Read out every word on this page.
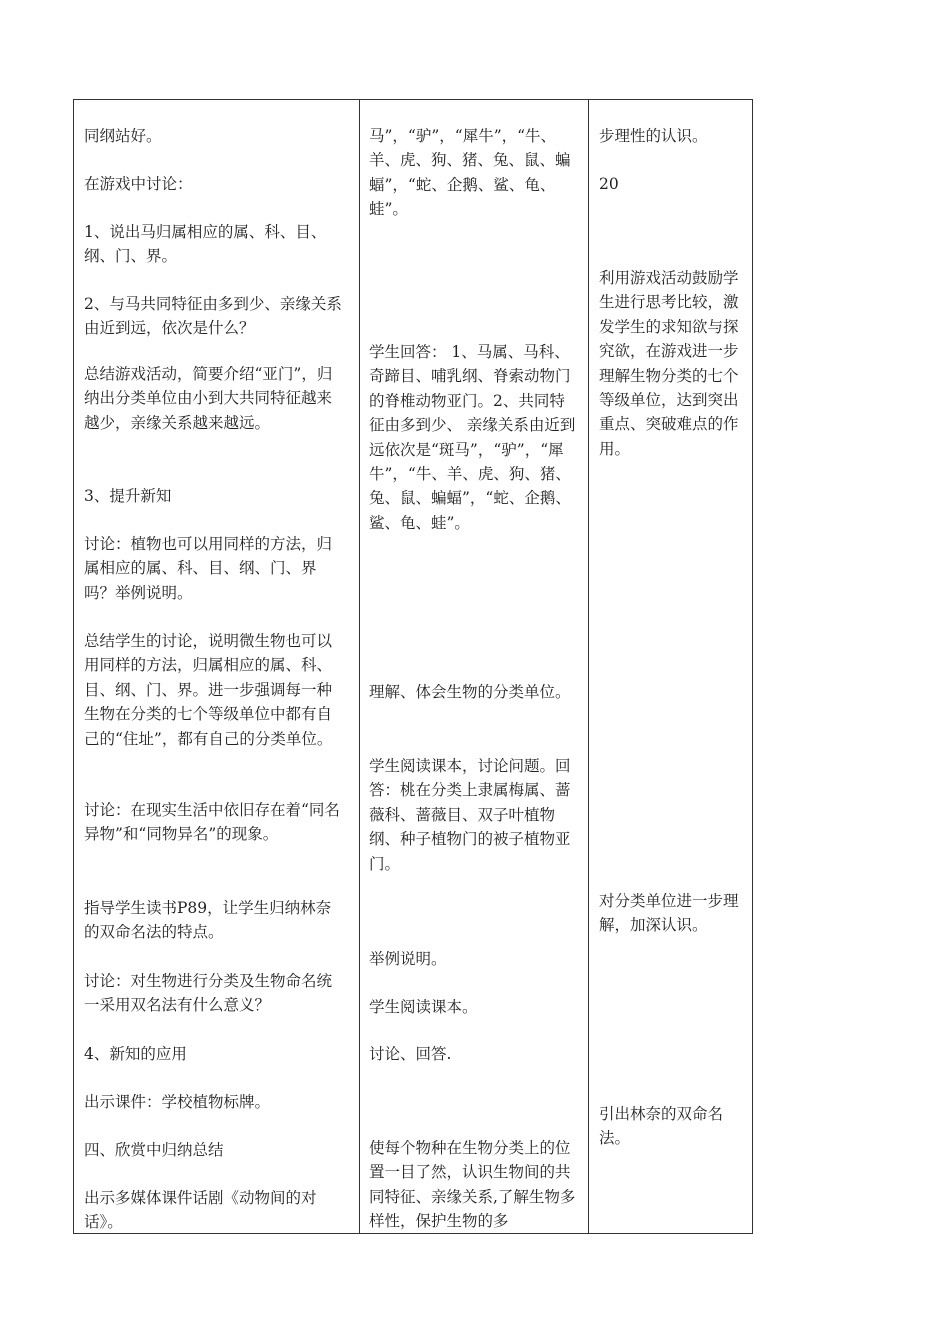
同纲站好。

在游戏中讨论：

1、说出马归属相应的属、科、目、纲、门、界。

2、与马共同特征由多到少、亲缘关系由近到远，依次是什么？

总结游戏活动，简要介绍“亚门”，归纳出分类单位由小到大共同特征越来越少，亲缘关系越来越远。

3、提升新知

讨论：植物也可以用同样的方法，归属相应的属、科、目、纲、门、界吗？举例说明。

总结学生的讨论，说明微生物也可以用同样的方法，归属相应的属、科、目、纲、门、界。进一步强调每一种生物在分类的七个等级单位中都有自己的“住址”，都有自己的分类单位。

讨论：在现实生活中依旧存在着“同名异物”和“同物异名”的现象。

指导学生读书P89，让学生归纳林奈的双命名法的特点。

讨论：对生物进行分类及生物命名统一采用双名法有什么意义？

4、新知的应用

出示课件：学校植物标牌。

四、欣赏中归纳总结

出示多媒体课件话剧《动物间的对话》。

马”，“驴”，“犀牛”，“牛、羊、虎、狗、猪、兔、鼠、蝙蝠”，“蛇、企鹅、鲨、龟、蛙”。

学生回答： 1、马属、马科、奇蹄目、哺乳纲、脊索动物门的脊椎动物亚门。2、共同特征由多到少、 亲缘关系由近到远依次是“斑马”，“驴”，“犀牛”，“牛、羊、虎、狗、猪、兔、鼠、蝙蝠”，“蛇、企鹅、鲨、龟、蛙”。

理解、体会生物的分类单位。

学生阅读课本，讨论问题。回答：桃在分类上隶属梅属、蔷薇科、蔷薇目、双子叶植物纲、种子植物门的被子植物亚门。

举例说明。

学生阅读课本。

讨论、回答.

使每个物种在生物分类上的位置一目了然，认识生物间的共同特征、亲缘关系,了解生物多样性，保护生物的多

步理性的认识。

20

利用游戏活动鼓励学生进行思考比较，激发学生的求知欲与探究欲，在游戏进一步理解生物分类的七个等级单位，达到突出重点、突破难点的作用。

对分类单位进一步理解，加深认识。

引出林奈的双命名法。
